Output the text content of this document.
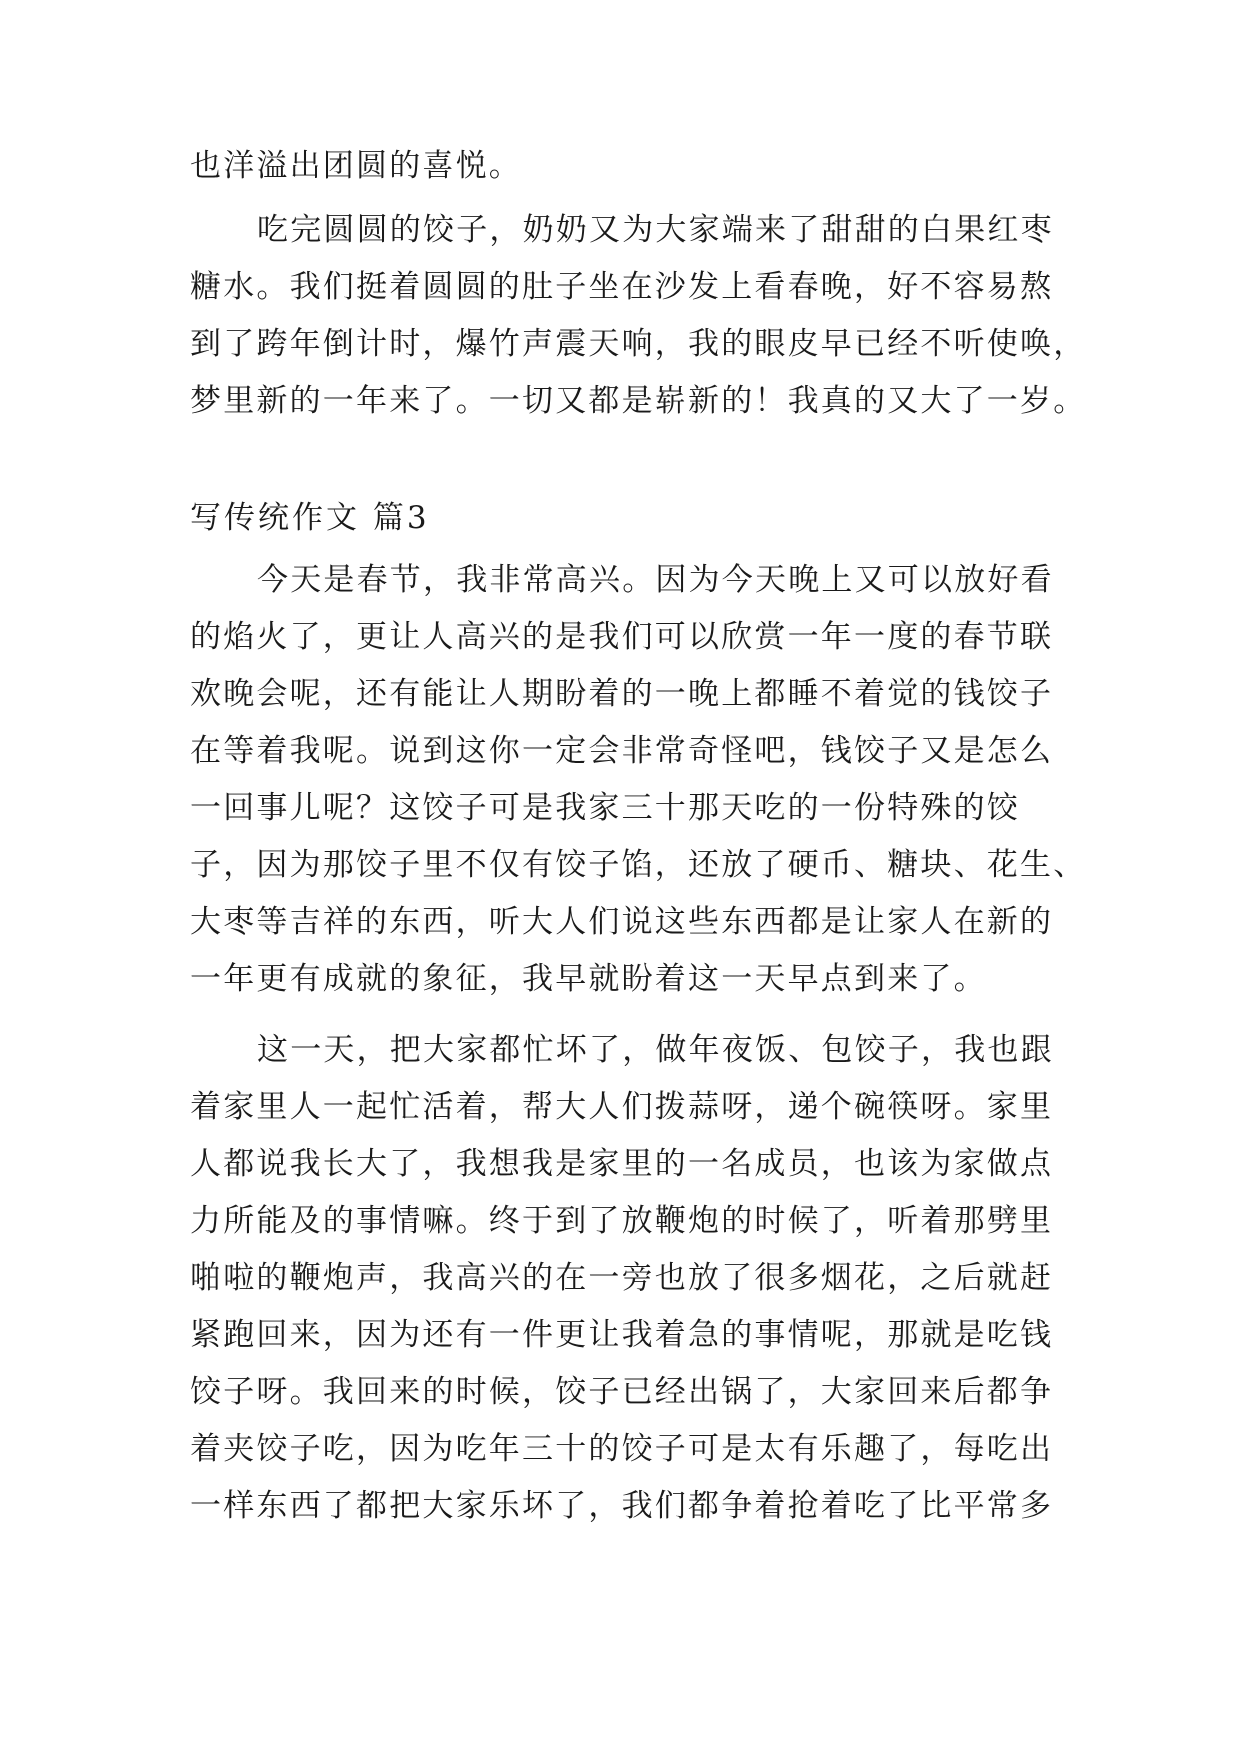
也洋溢出团圆的喜悦。
吃完圆圆的饺子，奶奶又为大家端来了甜甜的白果红枣
糖水。我们挺着圆圆的肚子坐在沙发上看春晚，好不容易熬
到了跨年倒计时，爆竹声震天响，我的眼皮早已经不听使唤，
梦里新的一年来了。一切又都是崭新的！我真的又大了一岁。
写传统作文 篇3
今天是春节，我非常高兴。因为今天晚上又可以放好看
的焰火了，更让人高兴的是我们可以欣赏一年一度的春节联
欢晚会呢，还有能让人期盼着的一晚上都睡不着觉的钱饺子
在等着我呢。说到这你一定会非常奇怪吧，钱饺子又是怎么
一回事儿呢？这饺子可是我家三十那天吃的一份特殊的饺
子，因为那饺子里不仅有饺子馅，还放了硬币、糖块、花生、
大枣等吉祥的东西，听大人们说这些东西都是让家人在新的
一年更有成就的象征，我早就盼着这一天早点到来了。
这一天，把大家都忙坏了，做年夜饭、包饺子，我也跟
着家里人一起忙活着，帮大人们拨蒜呀，递个碗筷呀。家里
人都说我长大了，我想我是家里的一名成员，也该为家做点
力所能及的事情嘛。终于到了放鞭炮的时候了，听着那劈里
啪啦的鞭炮声，我高兴的在一旁也放了很多烟花，之后就赶
紧跑回来，因为还有一件更让我着急的事情呢，那就是吃钱
饺子呀。我回来的时候，饺子已经出锅了，大家回来后都争
着夹饺子吃，因为吃年三十的饺子可是太有乐趣了，每吃出
一样东西了都把大家乐坏了，我们都争着抢着吃了比平常多
